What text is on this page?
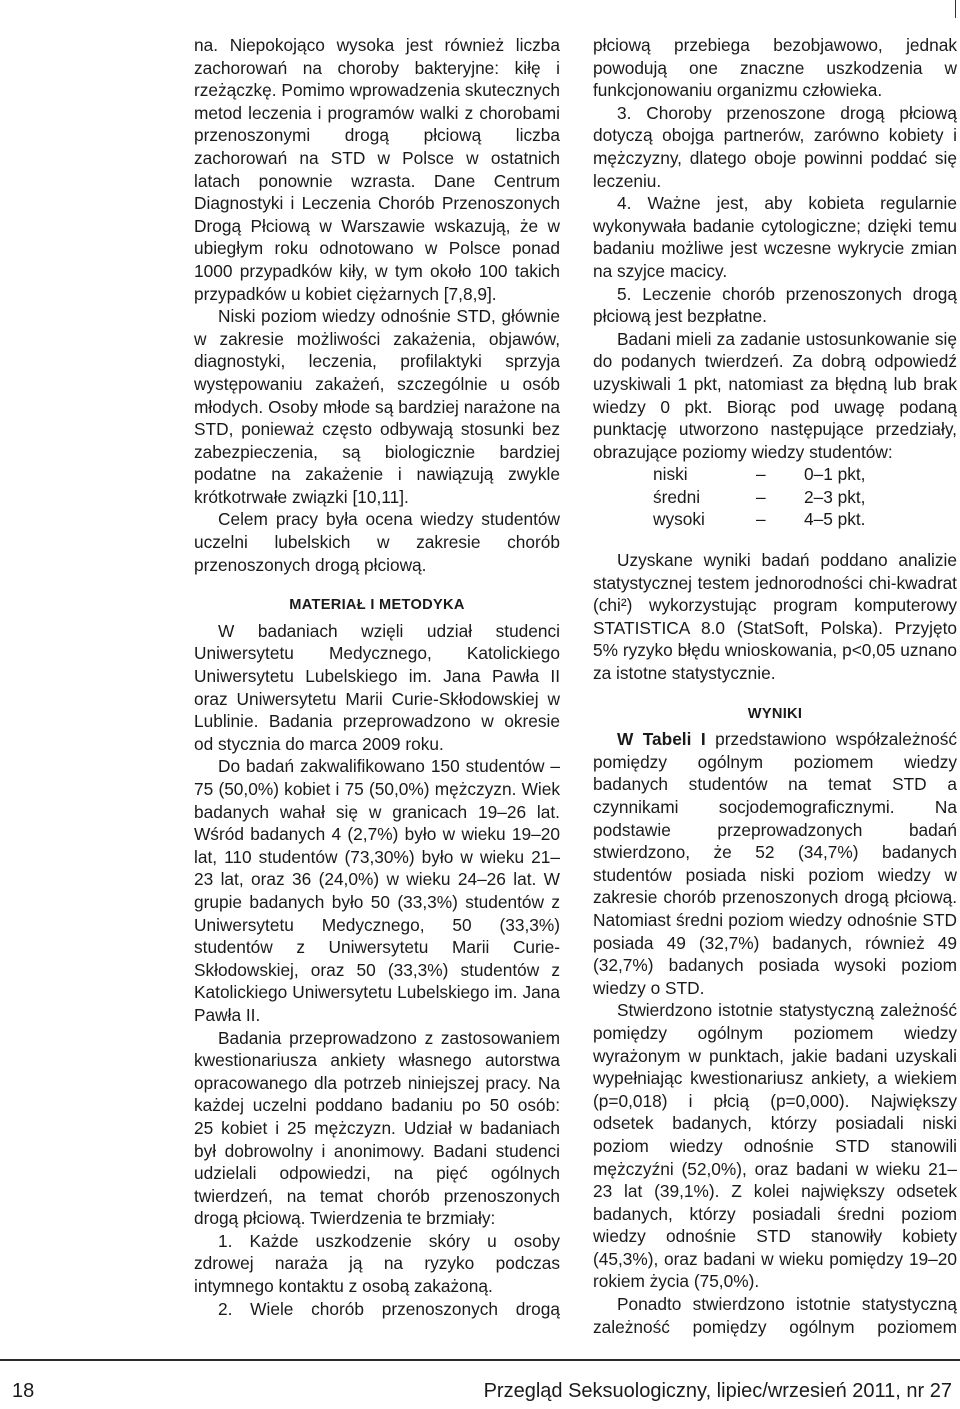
na. Niepokojąco wysoka jest również liczba zachorowań na choroby bakteryjne: kiłę i rzeżączkę. Pomimo wprowadzenia skutecznych metod leczenia i programów walki z chorobami przenoszonymi drogą płciową liczba zachorowań na STD w Polsce w ostatnich latach ponownie wzrasta. Dane Centrum Diagnostyki i Leczenia Chorób Przenoszonych Drogą Płciową w Warszawie wskazują, że w ubiegłym roku odnotowano w Polsce ponad 1000 przypadków kiły, w tym około 100 takich przypadków u kobiet ciężarnych [7,8,9].

Niski poziom wiedzy odnośnie STD, głównie w zakresie możliwości zakażenia, objawów, diagnostyki, leczenia, profilaktyki sprzyja występowaniu zakażeń, szczególnie u osób młodych. Osoby młode są bardziej narażone na STD, ponieważ często odbywają stosunki bez zabezpieczenia, są biologicznie bardziej podatne na zakażenie i nawiązują zwykle krótkotrwałe związki [10,11].

Celem pracy była ocena wiedzy studentów uczelni lubelskich w zakresie chorób przenoszonych drogą płciową.

MATERIAŁ I METODYKA

W badaniach wzięli udział studenci Uniwersytetu Medycznego, Katolickiego Uniwersytetu Lubelskiego im. Jana Pawła II oraz Uniwersytetu Marii Curie-Skłodowskiej w Lublinie. Badania przeprowadzono w okresie od stycznia do marca 2009 roku.

Do badań zakwalifikowano 150 studentów – 75 (50,0%) kobiet i 75 (50,0%) mężczyzn. Wiek badanych wahał się w granicach 19–26 lat. Wśród badanych 4 (2,7%) było w wieku 19–20 lat, 110 studentów (73,30%) było w wieku 21–23 lat, oraz 36 (24,0%) w wieku 24–26 lat. W grupie badanych było 50 (33,3%) studentów z Uniwersytetu Medycznego, 50 (33,3%) studentów z Uniwersytetu Marii Curie-Skłodowskiej, oraz 50 (33,3%) studentów z Katolickiego Uniwersytetu Lubelskiego im. Jana Pawła II.

Badania przeprowadzono z zastosowaniem kwestionariusza ankiety własnego autorstwa opracowanego dla potrzeb niniejszej pracy. Na każdej uczelni poddano badaniu po 50 osób: 25 kobiet i 25 mężczyzn. Udział w badaniach był dobrowolny i anonimowy. Badani studenci udzielali odpowiedzi, na pięć ogólnych twierdzeń, na temat chorób przenoszonych drogą płciową. Twierdzenia te brzmiały:

1. Każde uszkodzenie skóry u osoby zdrowej naraża ją na ryzyko podczas intymnego kontaktu z osobą zakażoną.

2. Wiele chorób przenoszonych drogą

płciową przebiega bezobjawowo, jednak powodują one znaczne uszkodzenia w funkcjonowaniu organizmu człowieka.

3. Choroby przenoszone drogą płciową dotyczą obojga partnerów, zarówno kobiety i mężczyzny, dlatego oboje powinni poddać się leczeniu.

4. Ważne jest, aby kobieta regularnie wykonywała badanie cytologiczne; dzięki temu badaniu możliwe jest wczesne wykrycie zmian na szyjce macicy.

5. Leczenie chorób przenoszonych drogą płciową jest bezpłatne.

Badani mieli za zadanie ustosunkowanie się do podanych twierdzeń. Za dobrą odpowiedź uzyskiwali 1 pkt, natomiast za błędną lub brak wiedzy 0 pkt. Biorąc pod uwagę podaną punktację utworzono następujące przedziały, obrazujące poziomy wiedzy studentów:

niski	–	0–1 pkt,
średni	–	2–3 pkt,
wysoki	–	4–5 pkt.

Uzyskane wyniki badań poddano analizie statystycznej testem jednorodności chi-kwadrat (chi²) wykorzystując program komputerowy STATISTICA 8.0 (StatSoft, Polska). Przyjęto 5% ryzyko błędu wnioskowania, p<0,05 uznano za istotne statystycznie.

WYNIKI

W Tabeli I przedstawiono współzależność pomiędzy ogólnym poziomem wiedzy badanych studentów na temat STD a czynnikami socjodemograficznymi. Na podstawie przeprowadzonych badań stwierdzono, że 52 (34,7%) badanych studentów posiada niski poziom wiedzy w zakresie chorób przenoszonych drogą płciową. Natomiast średni poziom wiedzy odnośnie STD posiada 49 (32,7%) badanych, również 49 (32,7%) badanych posiada wysoki poziom wiedzy o STD.

Stwierdzono istotnie statystyczną zależność pomiędzy ogólnym poziomem wiedzy wyrażonym w punktach, jakie badani uzyskali wypełniając kwestionariusz ankiety, a wiekiem (p=0,018) i płcią (p=0,000). Największy odsetek badanych, którzy posiadali niski poziom wiedzy odnośnie STD stanowili mężczyźni (52,0%), oraz badani w wieku 21–23 lat (39,1%). Z kolei największy odsetek badanych, którzy posiadali średni poziom wiedzy odnośnie STD stanowiły kobiety (45,3%), oraz badani w wieku pomiędzy 19–20 rokiem życia (75,0%).

Ponadto stwierdzono istotnie statystyczną zależność pomiędzy ogólnym poziomem

18	Przegląd Seksuologiczny, lipiec/wrzesień 2011, nr 27
